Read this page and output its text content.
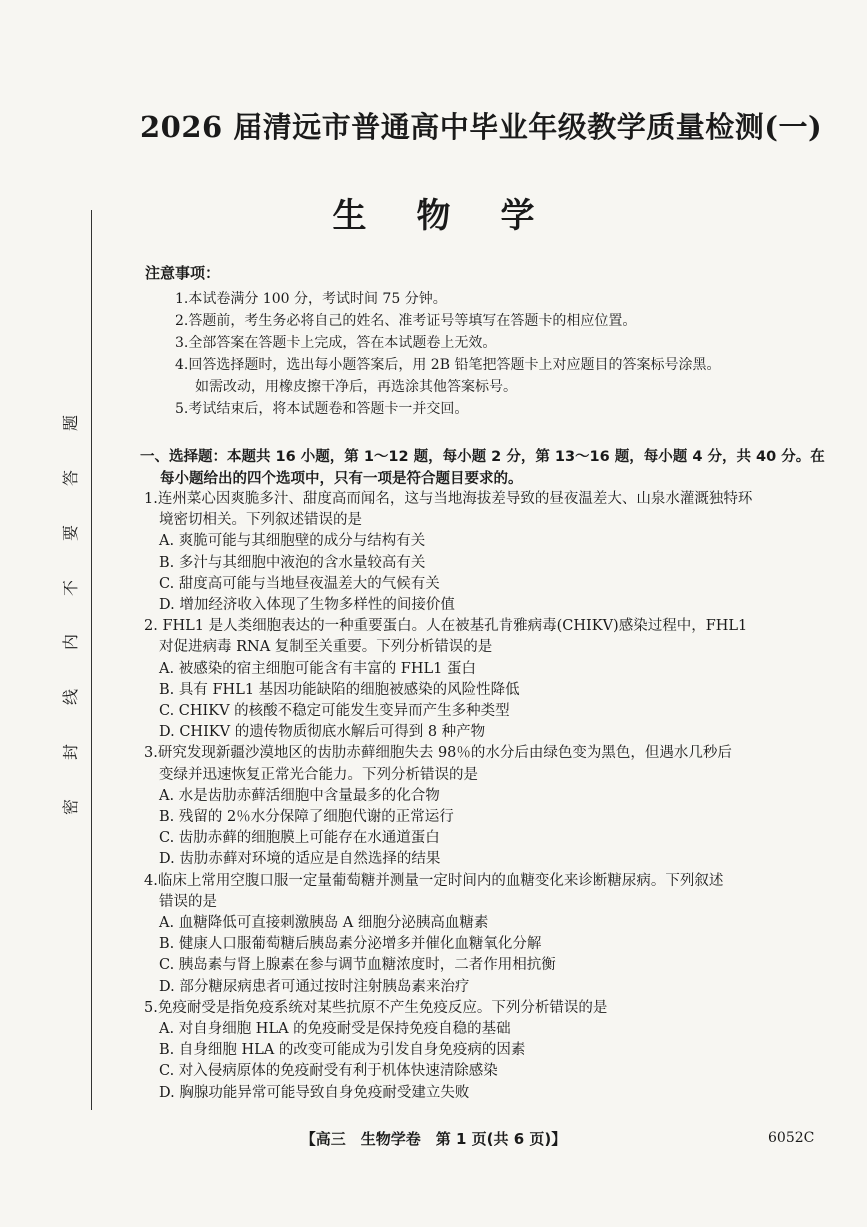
题
答
要
不
内
线
封
密
2026 届清远市普通高中毕业年级教学质量检测(一)
生物学
注意事项：
1.本试卷满分 100 分，考试时间 75 分钟。
2.答题前，考生务必将自己的姓名、准考证号等填写在答题卡的相应位置。
3.全部答案在答题卡上完成，答在本试题卷上无效。
4.回答选择题时，选出每小题答案后，用 2B 铅笔把答题卡上对应题目的答案标号涂黑。
如需改动，用橡皮擦干净后，再选涂其他答案标号。
5.考试结束后，将本试题卷和答题卡一并交回。
一、选择题：本题共 16 小题，第 1～12 题，每小题 2 分，第 13～16 题，每小题 4 分，共 40 分。在
每小题给出的四个选项中，只有一项是符合题目要求的。
1.连州菜心因爽脆多汁、甜度高而闻名，这与当地海拔差导致的昼夜温差大、山泉水灌溉独特环
境密切相关。下列叙述错误的是
A. 爽脆可能与其细胞壁的成分与结构有关
B. 多汁与其细胞中液泡的含水量较高有关
C. 甜度高可能与当地昼夜温差大的气候有关
D. 增加经济收入体现了生物多样性的间接价值
2. FHL1 是人类细胞表达的一种重要蛋白。人在被基孔肯雅病毒(CHIKV)感染过程中，FHL1
对促进病毒 RNA 复制至关重要。下列分析错误的是
A. 被感染的宿主细胞可能含有丰富的 FHL1 蛋白
B. 具有 FHL1 基因功能缺陷的细胞被感染的风险性降低
C. CHIKV 的核酸不稳定可能发生变异而产生多种类型
D. CHIKV 的遗传物质彻底水解后可得到 8 种产物
3.研究发现新疆沙漠地区的齿肋赤藓细胞失去 98％的水分后由绿色变为黑色，但遇水几秒后
变绿并迅速恢复正常光合能力。下列分析错误的是
A. 水是齿肋赤藓活细胞中含量最多的化合物
B. 残留的 2％水分保障了细胞代谢的正常运行
C. 齿肋赤藓的细胞膜上可能存在水通道蛋白
D. 齿肋赤藓对环境的适应是自然选择的结果
4.临床上常用空腹口服一定量葡萄糖并测量一定时间内的血糖变化来诊断糖尿病。下列叙述
错误的是
A. 血糖降低可直接刺激胰岛 A 细胞分泌胰高血糖素
B. 健康人口服葡萄糖后胰岛素分泌增多并催化血糖氧化分解
C. 胰岛素与肾上腺素在参与调节血糖浓度时，二者作用相抗衡
D. 部分糖尿病患者可通过按时注射胰岛素来治疗
5.免疫耐受是指免疫系统对某些抗原不产生免疫反应。下列分析错误的是
A. 对自身细胞 HLA 的免疫耐受是保持免疫自稳的基础
B. 自身细胞 HLA 的改变可能成为引发自身免疫病的因素
C. 对入侵病原体的免疫耐受有利于机体快速清除感染
D. 胸腺功能异常可能导致自身免疫耐受建立失败
【高三　生物学卷　第 1 页(共 6 页)】	6052C
